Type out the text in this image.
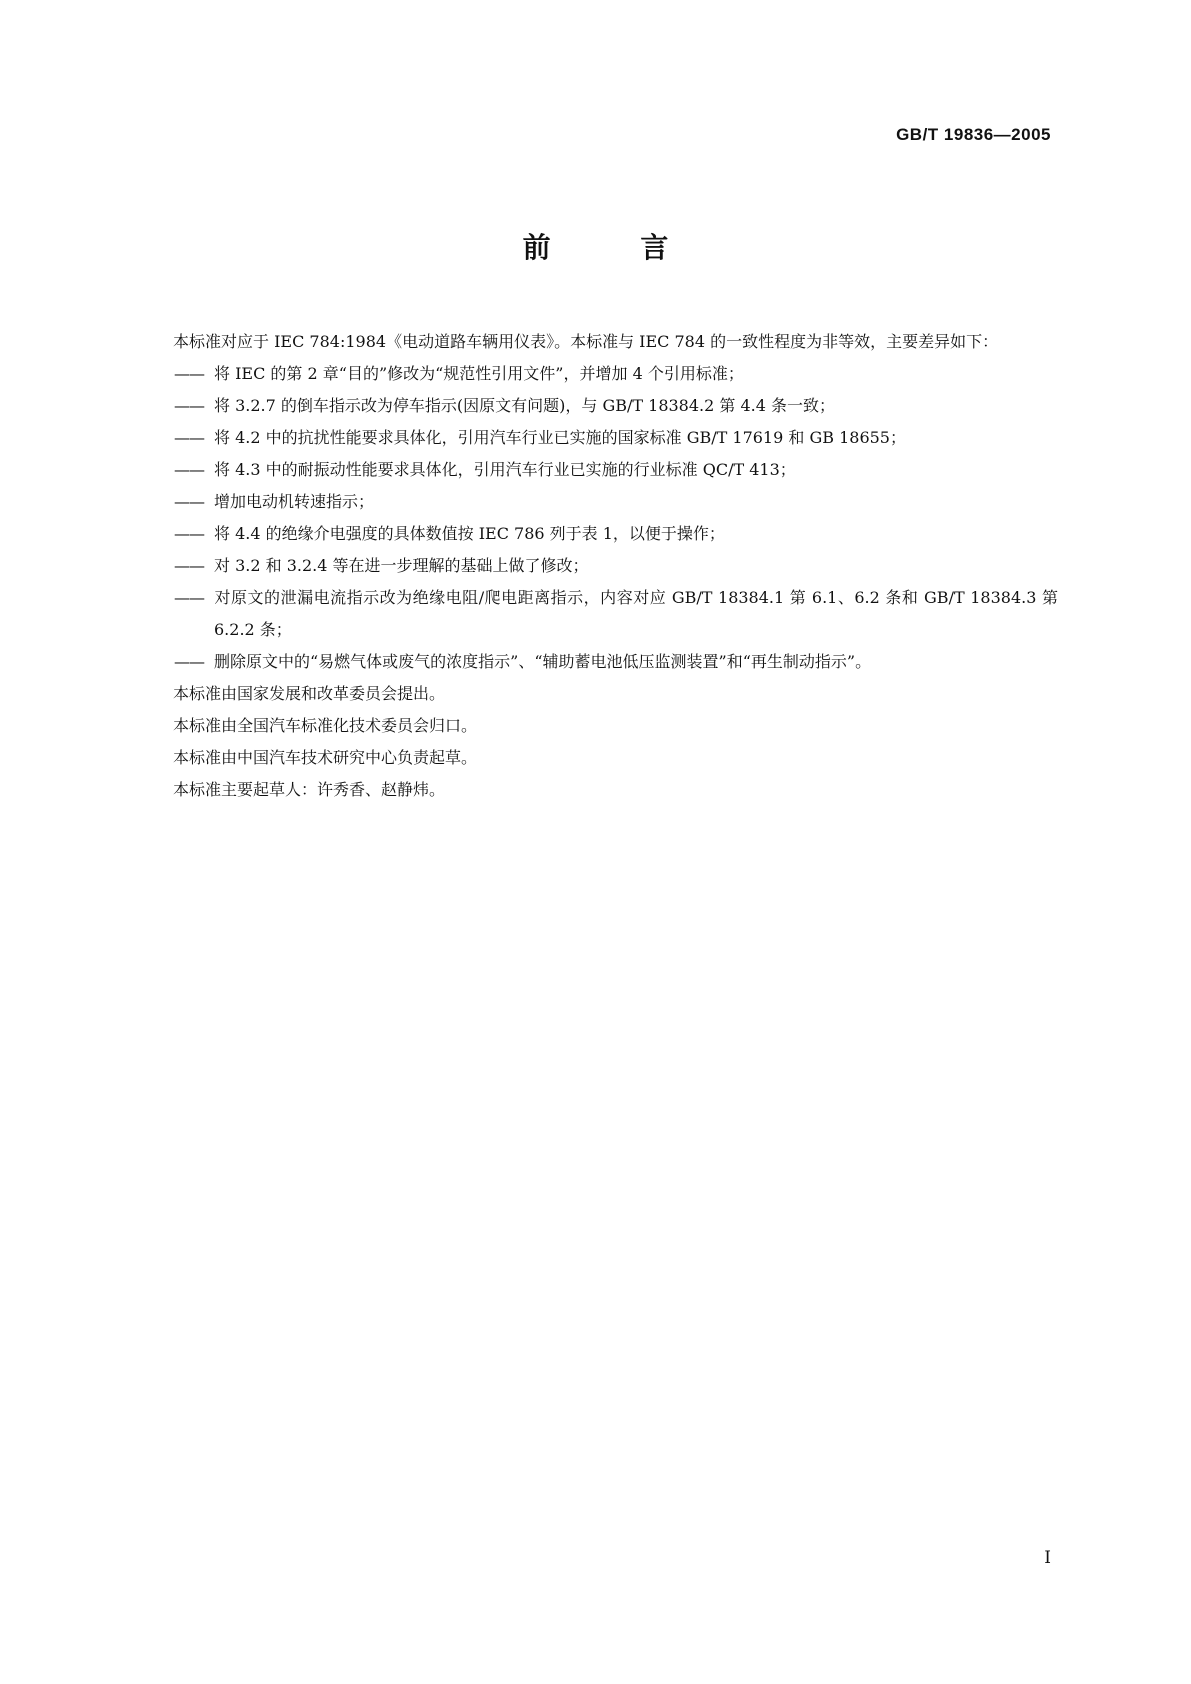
GB/T 19836—2005
前 言

本标准对应于 IEC 784:1984《电动道路车辆用仪表》。本标准与 IEC 784 的一致性程度为非等效，主要差异如下：

—— 将 IEC 的第 2 章“目的”修改为“规范性引用文件”，并增加 4 个引用标准；

—— 将 3.2.7 的倒车指示改为停车指示(因原文有问题)，与 GB/T 18384.2 第 4.4 条一致；

—— 将 4.2 中的抗扰性能要求具体化，引用汽车行业已实施的国家标准 GB/T 17619 和 GB 18655；

—— 将 4.3 中的耐振动性能要求具体化，引用汽车行业已实施的行业标准 QC/T 413；

—— 增加电动机转速指示；

—— 将 4.4 的绝缘介电强度的具体数值按 IEC 786 列于表 1，以便于操作；

—— 对 3.2 和 3.2.4 等在进一步理解的基础上做了修改；

—— 对原文的泄漏电流指示改为绝缘电阻/爬电距离指示，内容对应 GB/T 18384.1 第 6.1、6.2 条和 GB/T 18384.3 第 6.2.2 条；

—— 删除原文中的“易燃气体或废气的浓度指示”、“辅助蓄电池低压监测装置”和“再生制动指示”。

本标准由国家发展和改革委员会提出。

本标准由全国汽车标准化技术委员会归口。

本标准由中国汽车技术研究中心负责起草。

本标准主要起草人：许秀香、赵静炜。

I
